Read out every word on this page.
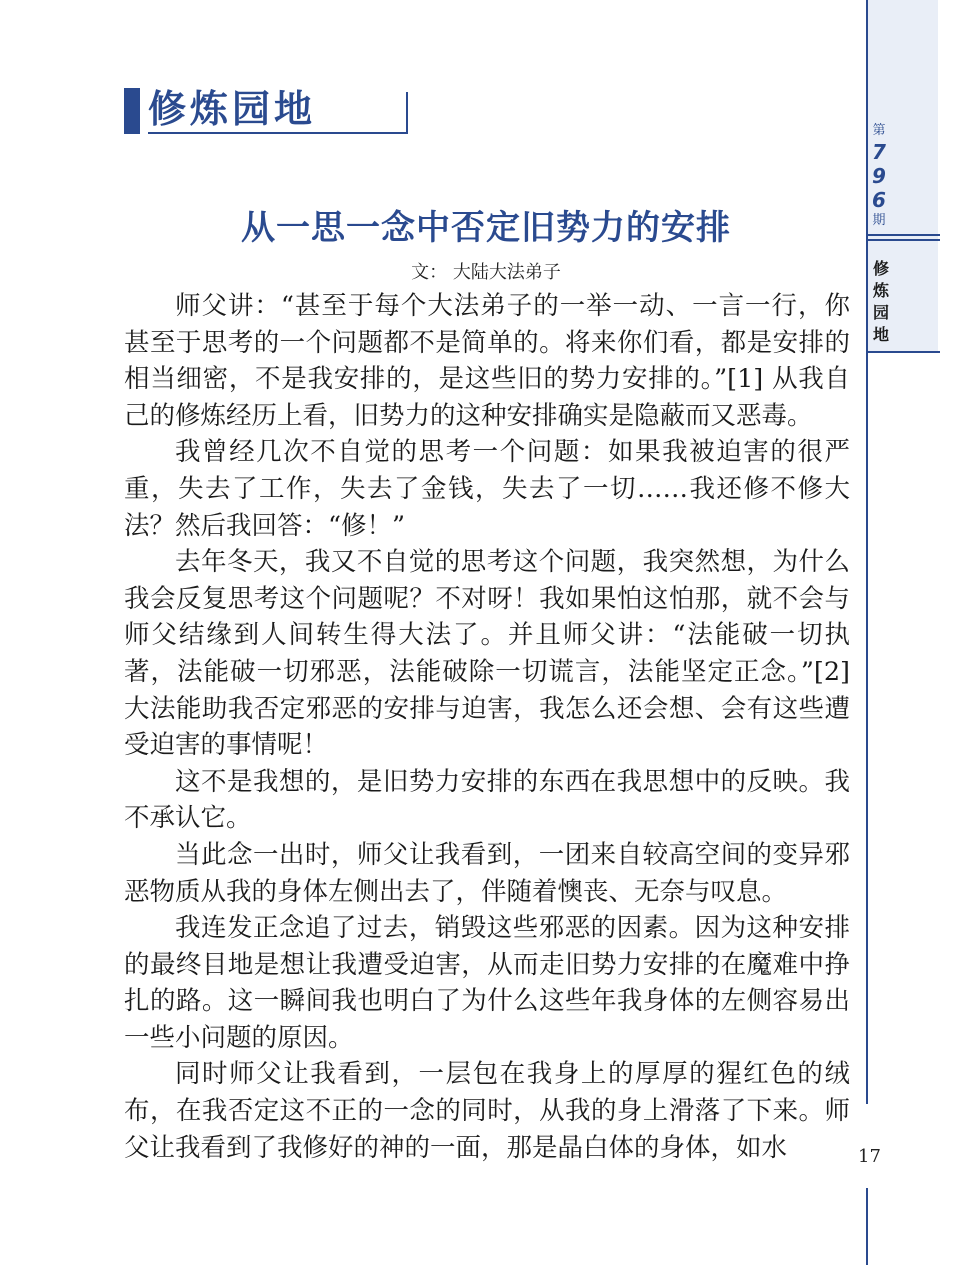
第
7
9
6
期
修
炼
园
地
修炼园地
从一思一念中否定旧势力的安排
文： 大陆大法弟子

师父讲：“甚至于每个大法弟子的一举一动、一言一行，你甚至于思考的一个问题都不是简单的。将来你们看，都是安排的相当细密，不是我安排的，是这些旧的势力安排的。”[1] 从我自己的修炼经历上看，旧势力的这种安排确实是隐蔽而又恶毒。

我曾经几次不自觉的思考一个问题：如果我被迫害的很严重，失去了工作，失去了金钱，失去了一切……我还修不修大法？然后我回答：“修！”

去年冬天，我又不自觉的思考这个问题，我突然想，为什么我会反复思考这个问题呢？不对呀！我如果怕这怕那，就不会与师父结缘到人间转生得大法了。并且师父讲：“法能破一切执著，法能破一切邪恶，法能破除一切谎言，法能坚定正念。”[2] 大法能助我否定邪恶的安排与迫害，我怎么还会想、会有这些遭受迫害的事情呢！

这不是我想的，是旧势力安排的东西在我思想中的反映。我不承认它。

当此念一出时，师父让我看到，一团来自较高空间的变异邪恶物质从我的身体左侧出去了，伴随着懊丧、无奈与叹息。

我连发正念追了过去，销毁这些邪恶的因素。因为这种安排的最终目地是想让我遭受迫害，从而走旧势力安排的在魔难中挣扎的路。这一瞬间我也明白了为什么这些年我身体的左侧容易出一些小问题的原因。

同时师父让我看到，一层包在我身上的厚厚的猩红色的绒布，在我否定这不正的一念的同时，从我的身上滑落了下来。师父让我看到了我修好的神的一面，那是晶白体的身体，如水	17
